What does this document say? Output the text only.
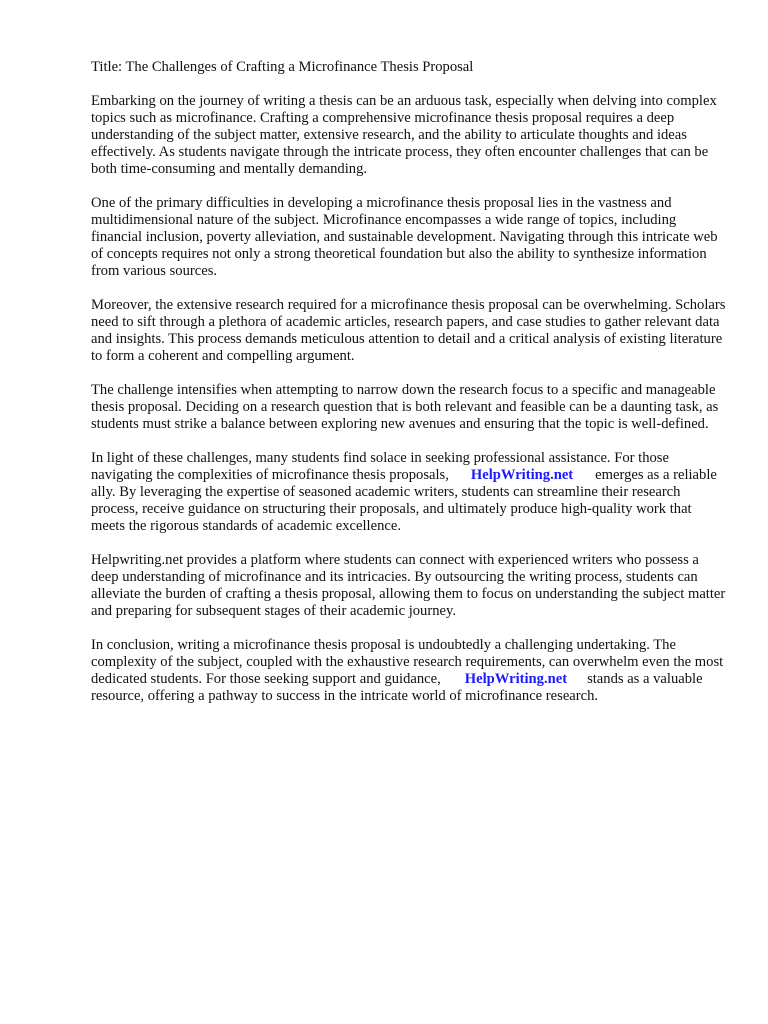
Title: The Challenges of Crafting a Microfinance Thesis Proposal

Embarking on the journey of writing a thesis can be an arduous task, especially when delving into complex topics such as microfinance. Crafting a comprehensive microfinance thesis proposal requires a deep understanding of the subject matter, extensive research, and the ability to articulate thoughts and ideas effectively. As students navigate through the intricate process, they often encounter challenges that can be both time-consuming and mentally demanding.

One of the primary difficulties in developing a microfinance thesis proposal lies in the vastness and multidimensional nature of the subject. Microfinance encompasses a wide range of topics, including financial inclusion, poverty alleviation, and sustainable development. Navigating through this intricate web of concepts requires not only a strong theoretical foundation but also the ability to synthesize information from various sources.

Moreover, the extensive research required for a microfinance thesis proposal can be overwhelming. Scholars need to sift through a plethora of academic articles, research papers, and case studies to gather relevant data and insights. This process demands meticulous attention to detail and a critical analysis of existing literature to form a coherent and compelling argument.

The challenge intensifies when attempting to narrow down the research focus to a specific and manageable thesis proposal. Deciding on a research question that is both relevant and feasible can be a daunting task, as students must strike a balance between exploring new avenues and ensuring that the topic is well-defined.

In light of these challenges, many students find solace in seeking professional assistance. For those navigating the complexities of microfinance thesis proposals, HelpWriting.net emerges as a reliable ally. By leveraging the expertise of seasoned academic writers, students can streamline their research process, receive guidance on structuring their proposals, and ultimately produce high-quality work that meets the rigorous standards of academic excellence.

Helpwriting.net provides a platform where students can connect with experienced writers who possess a deep understanding of microfinance and its intricacies. By outsourcing the writing process, students can alleviate the burden of crafting a thesis proposal, allowing them to focus on understanding the subject matter and preparing for subsequent stages of their academic journey.

In conclusion, writing a microfinance thesis proposal is undoubtedly a challenging undertaking. The complexity of the subject, coupled with the exhaustive research requirements, can overwhelm even the most dedicated students. For those seeking support and guidance, HelpWriting.net stands as a valuable resource, offering a pathway to success in the intricate world of microfinance research.
